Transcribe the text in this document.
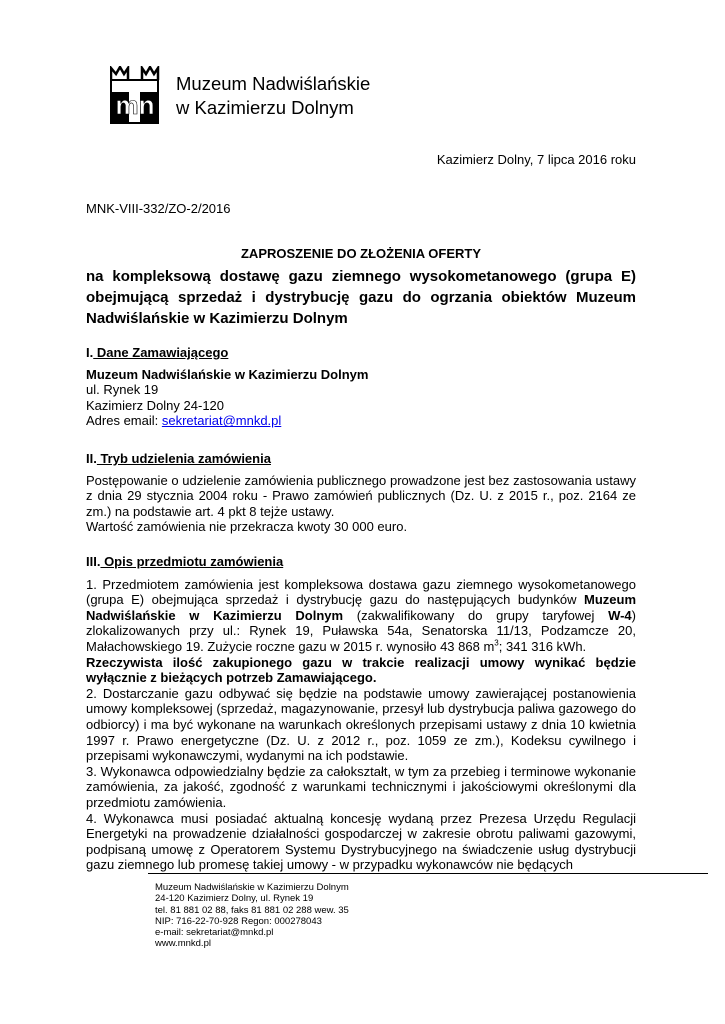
mn
Muzeum Nadwiślańskie
w Kazimierzu Dolnym
Kazimierz Dolny, 7 lipca 2016 roku
MNK-VIII-332/ZO-2/2016
ZAPROSZENIE DO ZŁOŻENIA OFERTY
na kompleksową dostawę gazu ziemnego wysokometanowego (grupa E) obejmującą sprzedaż i dystrybucję gazu do ogrzania obiektów Muzeum Nadwiślańskie w Kazimierzu Dolnym
I. Dane Zamawiającego
Muzeum Nadwiślańskie w Kazimierzu Dolnym
ul. Rynek 19
Kazimierz Dolny 24-120
Adres email: sekretariat@mnkd.pl
II. Tryb udzielenia zamówienia
Postępowanie o udzielenie zamówienia publicznego prowadzone jest bez zastosowania ustawy z dnia 29 stycznia 2004 roku - Prawo zamówień publicznych (Dz. U. z 2015 r., poz. 2164 ze zm.) na podstawie art. 4 pkt 8 tejże ustawy.
Wartość zamówienia nie przekracza kwoty 30 000 euro.
III. Opis przedmiotu zamówienia
1. Przedmiotem zamówienia jest kompleksowa dostawa gazu ziemnego wysokometanowego (grupa E) obejmująca sprzedaż i dystrybucję gazu do następujących budynków Muzeum Nadwiślańskie w Kazimierzu Dolnym (zakwalifikowany do grupy taryfowej W-4) zlokalizowanych przy ul.: Rynek 19, Puławska 54a, Senatorska 11/13, Podzamcze 20, Małachowskiego 19. Zużycie roczne gazu w 2015 r. wynosiło 43 868 $m^3$; 341 316 kWh.
Rzeczywista ilość zakupionego gazu w trakcie realizacji umowy wynikać będzie wyłącznie z bieżących potrzeb Zamawiającego.
2. Dostarczanie gazu odbywać się będzie na podstawie umowy zawierającej postanowienia umowy kompleksowej (sprzedaż, magazynowanie, przesył lub dystrybucja paliwa gazowego do odbiorcy) i ma być wykonane na warunkach określonych przepisami ustawy z dnia 10 kwietnia 1997 r. Prawo energetyczne (Dz. U. z 2012 r., poz. 1059 ze zm.), Kodeksu cywilnego i przepisami wykonawczymi, wydanymi na ich podstawie.
3. Wykonawca odpowiedzialny będzie za całokształt, w tym za przebieg i terminowe wykonanie zamówienia, za jakość, zgodność z warunkami technicznymi i jakościowymi określonymi dla przedmiotu zamówienia.
4. Wykonawca musi posiadać aktualną koncesję wydaną przez Prezesa Urzędu Regulacji Energetyki na prowadzenie działalności gospodarczej w zakresie obrotu paliwami gazowymi, podpisaną umowę z Operatorem Systemu Dystrybucyjnego na świadczenie usług dystrybucji gazu ziemnego lub promesę takiej umowy - w przypadku wykonawców nie będących
Muzeum Nadwiślańskie w Kazimierzu Dolnym
24-120 Kazimierz Dolny, ul. Rynek 19
tel. 81 881 02 88, faks 81 881 02 288 wew. 35
NIP: 716-22-70-928 Regon: 000278043
e-mail: sekretariat@mnkd.pl
www.mnkd.pl
